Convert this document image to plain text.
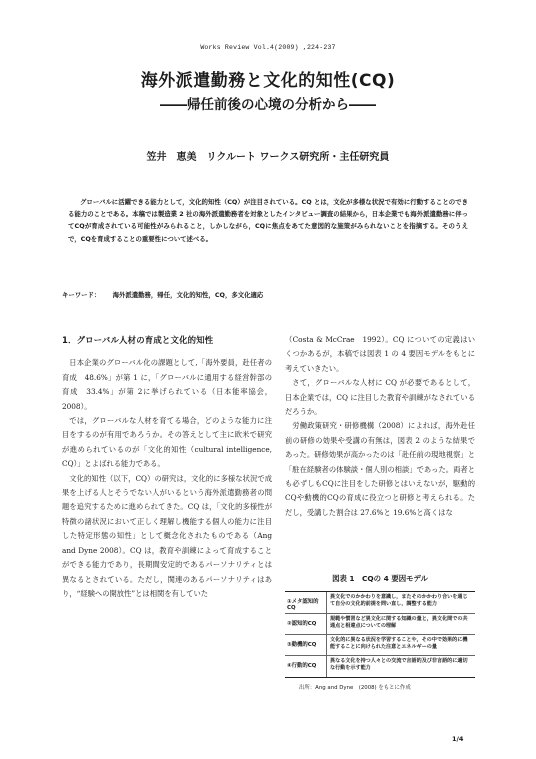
Works Review Vol.4(2009) ,224-237
海外派遣勤務と文化的知性(CQ)
――帰任前後の心境の分析から――
笠井　恵美　リクルート ワークス研究所・主任研究員

グローバルに活躍できる能力として，文化的知性（CQ）が注目されている。CQ とは，文化が多様な状況で有効に行動することのできる能力のことである。本稿では製造業 2 社の海外派遣勤務者を対象としたインタビュー調査の結果から，日本企業でも海外派遣勤務に伴ってCQが育成されている可能性がみられること，しかしながら，CQに焦点をあてた意図的な施策がみられないことを指摘する。そのうえで，CQを育成することの重要性について述べる。

キーワード： 海外派遣勤務，帰任，文化的知性，CQ，多文化適応
1．グローバル人材の育成と文化的知性

日本企業のグローバル化の課題として,「海外要員，赴任者の育成　48.6%」が第 1 に，「グローバルに通用する経営幹部の育成　33.4%」が第 2に挙げられている（日本能率協会，2008）。

では，グローバルな人材を育てる場合，どのような能力に注目をするのが有用であろうか。その答えとして主に欧米で研究が進められているのが「文化的知性（cultural intelligence, CQ）」とよばれる能力である。

文化的知性（以下，CQ）の研究は，文化的に多様な状況で成果を上げる人とそうでない人がいるという海外派遣勤務者の問題を追究するために進められてきた。CQ は，「文化的多様性が特徴の諸状況において正しく理解し機能する個人の能力に注目した特定形態の知性」として概念化されたものである（Ang and Dyne 2008）。CQ は，教育や訓練によって育成することができる能力であり，長期間安定的であるパーソナリティとは異なるとされている。ただし，関連のあるパーソナリティはあり，“経験への開放性”とは相関を有していた

（Costa & McCrae　1992）。CQ についての定義はいくつかあるが，本稿では図表 1 の 4 要因モデルをもとに考えていきたい。

さて，グローバルな人材に CQ が必要であるとして，日本企業では，CQ に注目した教育や訓練がなされているだろうか。

労働政策研究・研修機構（2008）によれば，海外赴任前の研修の効果や受講の有無は，図表 2 のような結果であった。研修効果が高かったのは「赴任前の現地視察」と「駐在経験者の体験談・個人別の相談」であった。両者とも必ずしもCQに注目をした研修とはいえないが，駆動的CQや動機的CQの育成に役立つと研修と考えられる。ただし，受講した割合は 27.6%と 19.6%と高くはな

図表 1　CQの 4 要因モデル
①メタ認知的CQ
異文化でのかかわりを意識し，またそのかかわり合いを通じて自分の文化的前提を問い直し，調整する能力
②認知的CQ
規範や慣習など異文化に関する知識の量と，異文化間での共通点と相違点についての理解
③動機的CQ
文化的に異なる状況を学習することや，その中で効果的に機能することに向けられた注意とエネルギーの量
④行動的CQ
異なる文化を持つ人々との交流で言語的及び非言語的に適切な行動を示す能力
出所：Ang and Dyne　(2008) をもとに作成
1/4
